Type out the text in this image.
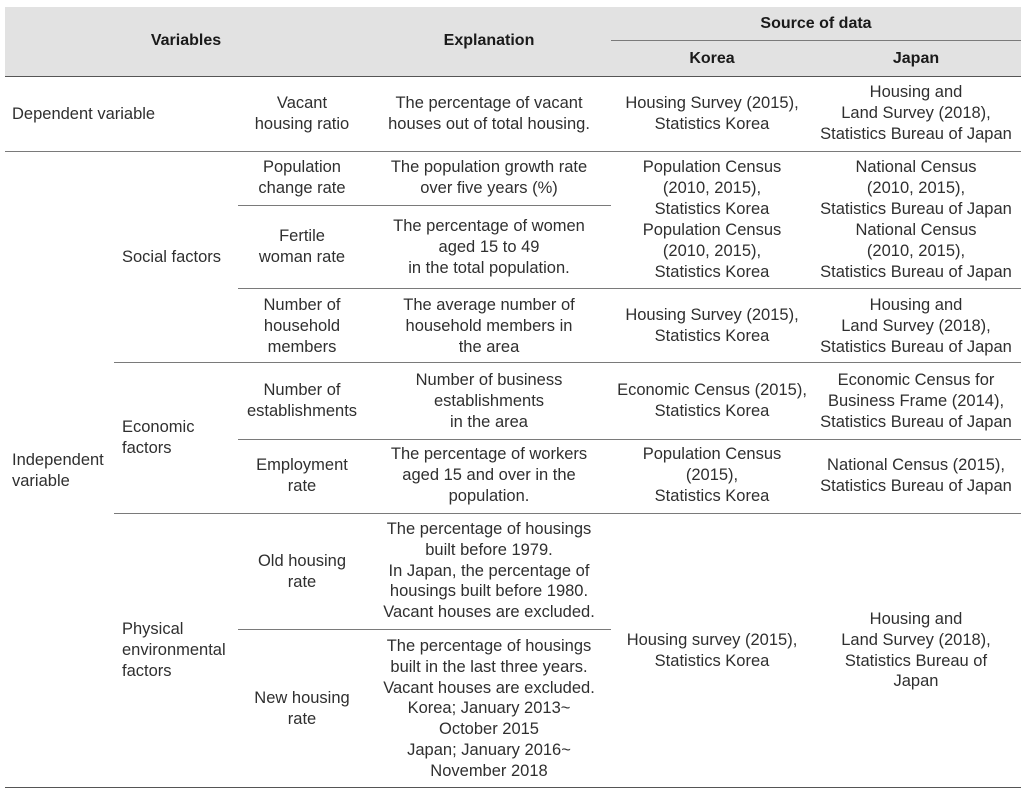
Variables	Explanation
Source of data
Korea	Japan
Dependent variable
Vacant
housing ratio
The percentage of vacant
houses out of total housing.
Housing Survey (2015),
Statistics Korea
Housing and
Land Survey (2018),
Statistics Bureau of Japan
Independent
variable
Social factors
Population
change rate
The population growth rate
over five years (%)
Population Census
(2010, 2015),
Statistics Korea
National Census
(2010, 2015),
Statistics Bureau of Japan
Fertile
woman rate
The percentage of women
aged 15 to 49
in the total population.
Population Census
(2010, 2015),
Statistics Korea
National Census
(2010, 2015),
Statistics Bureau of Japan
Number of
household
members
The average number of
household members in
the area
Housing Survey (2015),
Statistics Korea
Housing and
Land Survey (2018),
Statistics Bureau of Japan
Economic
factors
Number of
establishments
Number of business
establishments
in the area
Economic Census (2015),
Statistics Korea
Economic Census for
Business Frame (2014),
Statistics Bureau of Japan
Employment
rate
The percentage of workers
aged 15 and over in the
population.
Population Census
(2015),
Statistics Korea
National Census (2015),
Statistics Bureau of Japan
Physical
environmental
factors
Old housing
rate
The percentage of housings
built before 1979.
In Japan, the percentage of
housings built before 1980.
Vacant houses are excluded.
New housing
rate
The percentage of housings
built in the last three years.
Vacant houses are excluded.
Korea; January 2013~
October 2015
Japan; January 2016~
November 2018
Housing survey (2015),
Statistics Korea
Housing and
Land Survey (2018),
Statistics Bureau of
Japan
